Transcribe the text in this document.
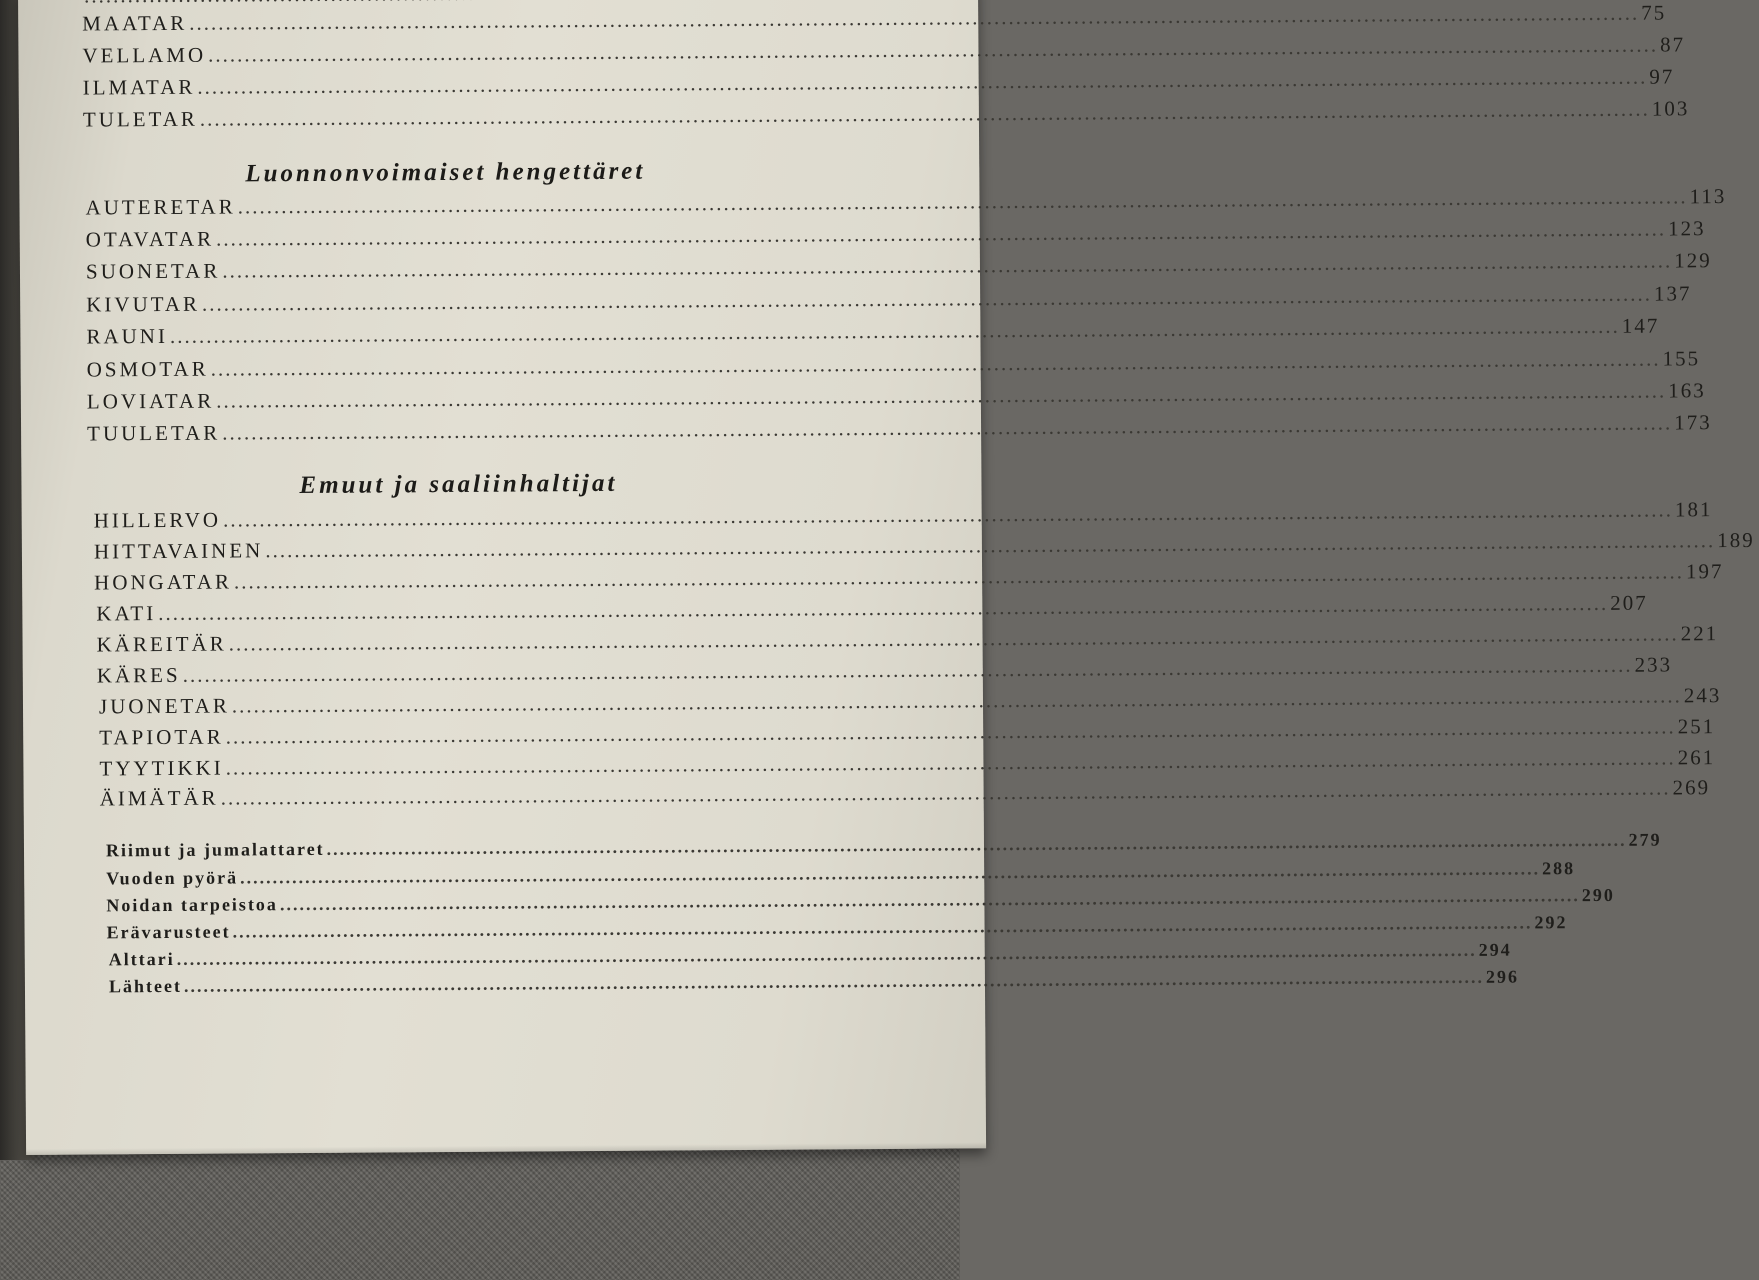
.....
MAATAR .....	75
VELLAMO .....	87
ILMATAR .....	97
TULETAR .....	103
Luonnonvoimaiset hengettäret
AUTERETAR .....	113
OTAVATAR .....	123
SUONETAR .....	129
KIVUTAR .....	137
RAUNI .....	147
OSMOTAR .....	155
LOVIATAR .....	163
TUULETAR .....	173
Emuut ja saaliinhaltijat
HILLERVO .....	181
HITTAVAINEN .....	189
HONGATAR .....	197
KATI .....	207
KÄREITÄR .....	221
KÄRES .....	233
JUONETAR .....	243
TAPIOTAR .....	251
TYYTIKKI .....	261
ÄIMÄTÄR .....	269
Riimut ja jumalattaret .....	279
Vuoden pyörä .....	288
Noidan tarpeistoa .....	290
Erävarusteet .....	292
Alttari .....	294
Lähteet .....	296
